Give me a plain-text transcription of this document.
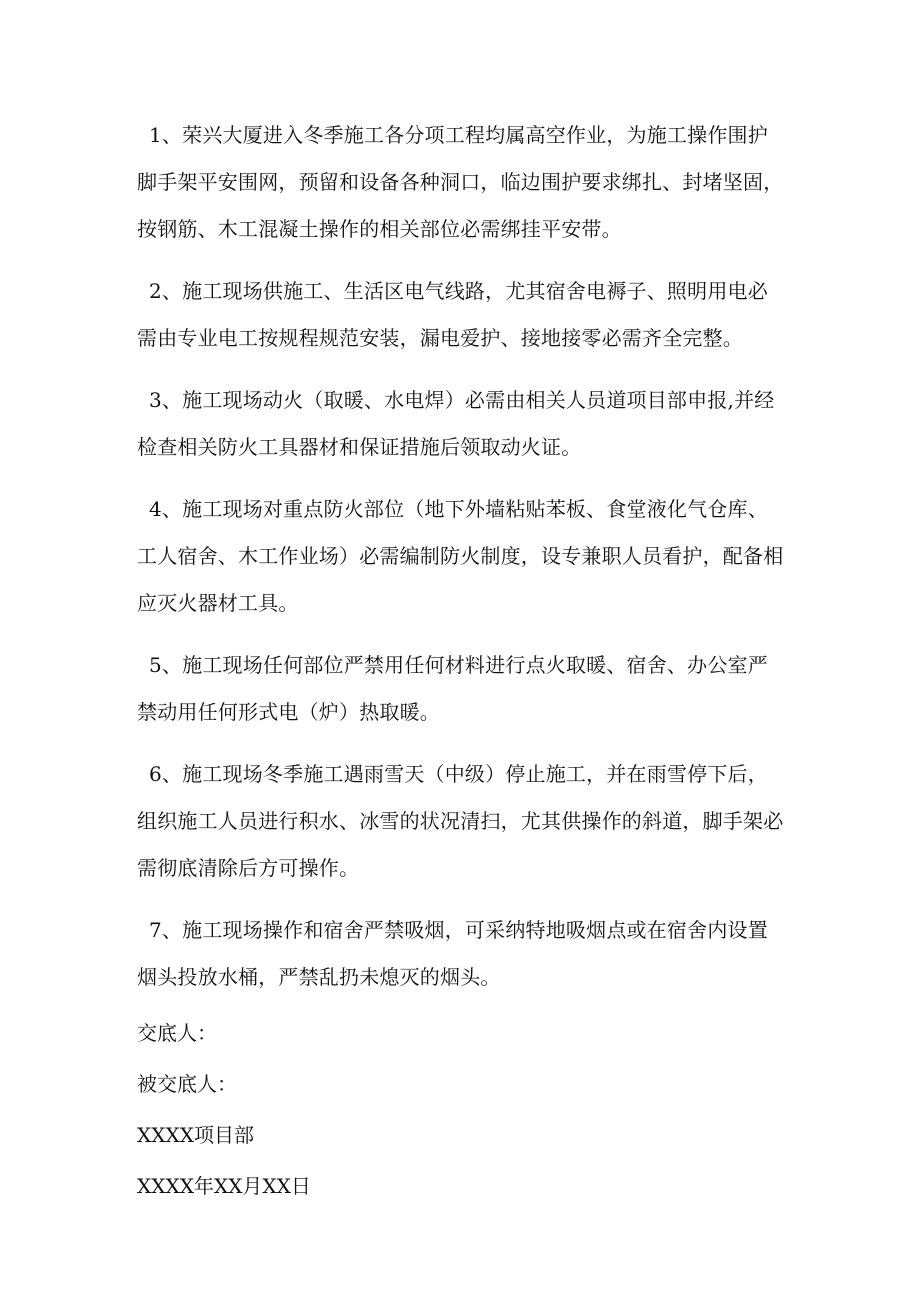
1、荣兴大厦进入冬季施工各分项工程均属高空作业，为施工操作围护脚手架平安围网，预留和设备各种洞口，临边围护要求绑扎、封堵坚固，按钢筋、木工混凝土操作的相关部位必需绑挂平安带。

2、施工现场供施工、生活区电气线路，尤其宿舍电褥子、照明用电必需由专业电工按规程规范安装，漏电爱护、接地接零必需齐全完整。

3、施工现场动火（取暖、水电焊）必需由相关人员道项目部申报,并经检查相关防火工具器材和保证措施后领取动火证。

4、施工现场对重点防火部位（地下外墙粘贴苯板、食堂液化气仓库、工人宿舍、木工作业场）必需编制防火制度，设专兼职人员看护，配备相应灭火器材工具。

5、施工现场任何部位严禁用任何材料进行点火取暖、宿舍、办公室严禁动用任何形式电（炉）热取暖。

6、施工现场冬季施工遇雨雪天（中级）停止施工，并在雨雪停下后，组织施工人员进行积水、冰雪的状况清扫，尤其供操作的斜道，脚手架必需彻底清除后方可操作。

7、施工现场操作和宿舍严禁吸烟，可采纳特地吸烟点或在宿舍内设置烟头投放水桶，严禁乱扔未熄灭的烟头。

交底人：

被交底人：

XXXX项目部

XXXX年XX月XX日
